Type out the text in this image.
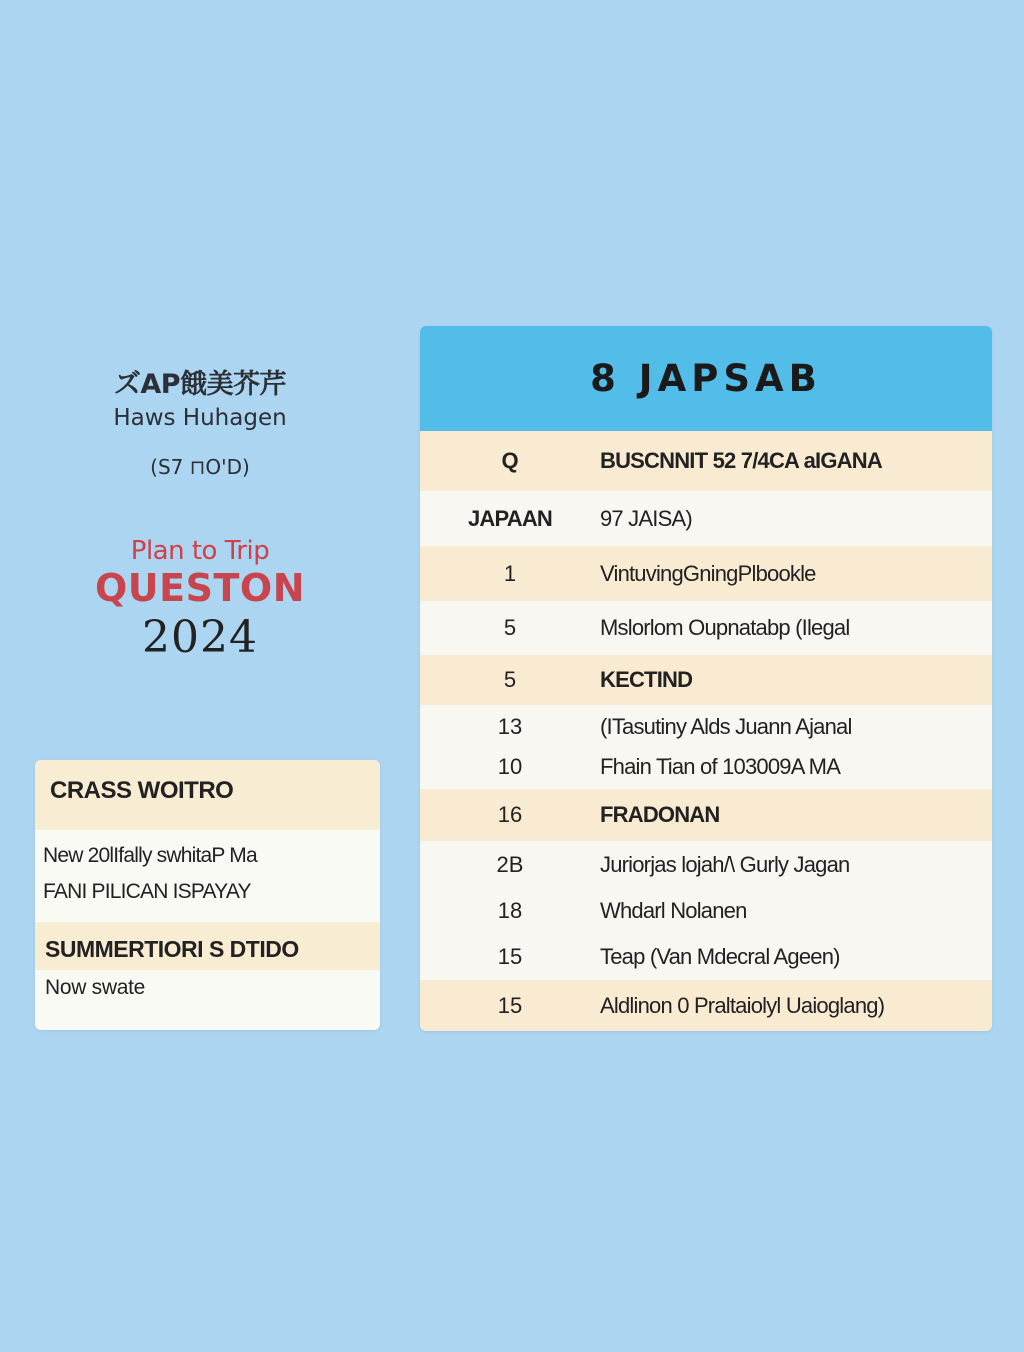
ズAP餓美芥芹
Haws Huhagen
(S7 ⊓O'D)
Plan to Trip
QUESTON
2024
CRASS WOITRO
New 20lIfally swhitaP Ma
FANI PILICAN ISPAYAY
SUMMERTIORI S DTIDO
Now swate
8 JAPSAB
Q	BUSCNNIT 52 7/4CA aIGANA
JAPAAN	97 JAISA)
1	VintuvingGningPlbookle
5	Mslorlom Oupnatabp (Ilegal
5	KECTIND
13	(ITasutiny Alds Juann Ajanal
10	Fhain Tian of 103009A MA
16	FRADONAN
2B	Juriorjas lojah/\ Gurly Jagan
18	Whdarl Nolanen
15	Teap (Van Mdecral Ageen)
15	Aldlinon 0 Praltaiolyl Uaioglang)
